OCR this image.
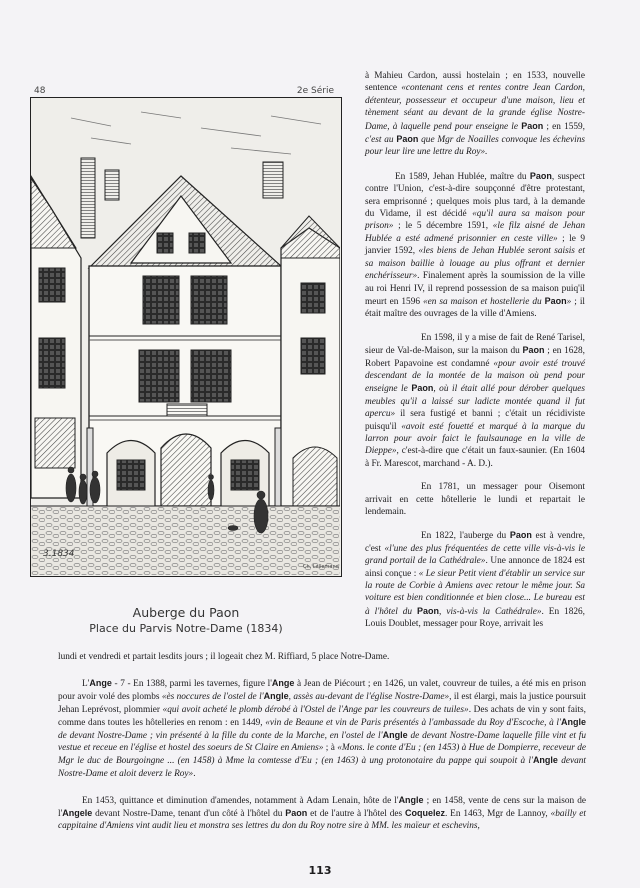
48	2e Série
3.1834
Ch. Lallemand
Auberge du Paon
Place du Parvis Notre-Dame (1834)

à Mahieu Cardon, aussi hostelain ; en 1533, nouvelle sentence «contenant cens et rentes contre Jean Cardon, détenteur, possesseur et occupeur d'une maison, lieu et tènement séant au devant de la grande église Nostre-Dame, à laquelle pend pour enseigne le Paon ; en 1559, c'est au Paon que Mgr de Noailles convoque les échevins pour leur lire une lettre du Roy».

En 1589, Jehan Hublée, maître du Paon, suspect contre l'Union, c'est-à-dire soupçonné d'être protestant, sera emprisonné ; quelques mois plus tard, à la demande du Vidame, il est décidé «qu'il aura sa maison pour prison» ; le 5 décembre 1591, «le filz aisné de Jehan Hublée a esté admené prisonnier en ceste ville» ; le 9 janvier 1592, «les biens de Jehan Hublée seront saisis et sa maison baillie à louage au plus offrant et dernier enchérisseur». Finalement après la soumission de la ville au roi Henri IV, il reprend possession de sa maison puiq'il meurt en 1596 «en sa maison et hostellerie du Paon» ; il était maître des ouvrages de la ville d'Amiens.

En 1598, il y a mise de fait de René Tarisel, sieur de Val-de-Maison, sur la maison du Paon ; en 1628, Robert Papavoine est condamné «pour avoir esté trouvé descendant de la montée de la maison où pend pour enseigne le Paon, où il était allé pour dérober quelques meubles qu'il a laissé sur ladicte montée quand il fut apercu» il sera fustigé et banni ; c'était un récidiviste puisqu'il «avoit esté fouetté et marqué à la marque du larron pour avoir faict le faulsaunage en la ville de Dieppe», c'est-à-dire que c'était un faux-saunier. (En 1604 à Fr. Marescot, marchand - A. D.).

En 1781, un messager pour Oisemont arrivait en cette hôtellerie le lundi et repartait le lendemain.

En 1822, l'auberge du Paon est à vendre, c'est «l'une des plus fréquentées de cette ville vis-à-vis le grand portail de la Cathédrale». Une annonce de 1824 est ainsi conçue : « Le sieur Petit vient d'établir un service sur la route de Corbie à Amiens avec retour le même jour. Sa voiture est bien conditionnée et bien close... Le bureau est à l'hôtel du Paon, vis-à-vis la Cathédrale». En 1826, Louis Doublet, messager pour Roye, arrivait les

lundi et vendredi et partait lesdits jours ; il logeait chez M. Riffiard, 5 place Notre-Dame.

L'Ange - 7 - En 1388, parmi les tavernes, figure l'Ange à Jean de Piécourt ; en 1426, un valet, couvreur de tuiles, a été mis en prison pour avoir volé des plombs «ès noccures de l'ostel de l'Angle, assès au-devant de l'église Nostre-Dame», il est élargi, mais la justice poursuit Jehan Leprévost, plommier «qui avoit acheté le plomb dérobé à l'Ostel de l'Ange par les couvreurs de tuiles». Des achats de vin y sont faits, comme dans toutes les hôtelleries en renom : en 1449, «vin de Beaune et vin de Paris présentés à l'ambassade du Roy d'Escoche, à l'Angle de devant Nostre-Dame ; vin présenté à la fille du conte de la Marche, en l'ostel de l'Angle de devant Nostre-Dame laquelle fille vint et fu vestue et receue en l'église et hostel des soeurs de St Claire en Amiens» ; à «Mons. le conte d'Eu ; (en 1453) à Hue de Dompierre, receveur de Mgr le duc de Bourgoingne ... (en 1458) à Mme la comtesse d'Eu ; (en 1463) à ung protonotaire du pappe qui soupoit à l'Angle devant Nostre-Dame et aloit deverz le Roy».

En 1453, quittance et diminution d'amendes, notamment à Adam Lenain, hôte de l'Angle ; en 1458, vente de cens sur la maison de l'Angele devant Nostre-Dame, tenant d'un côté à l'hôtel du Paon et de l'autre à l'hôtel des Coquelez. En 1463, Mgr de Lannoy, «bailly et cappitaine d'Amiens vint audit lieu et monstra ses lettres du don du Roy notre sire à MM. les maïeur et eschevins,

113
